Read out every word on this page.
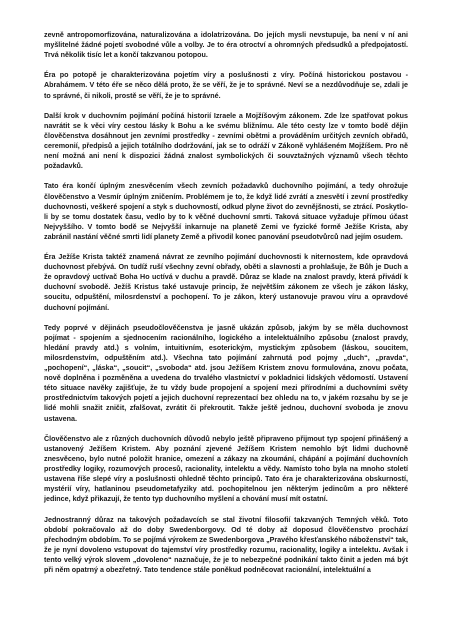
zevně antropomorfizována, naturalizována a idolatrizována. Do jejích mysli nevstupuje, ba není v ní ani myšlitelné žádné pojetí svobodné vůle a volby. Je to éra otroctví a ohromných předsudků a předpojatostí. Trvá několik tisíc let a končí takzvanou potopou.

Éra po potopě je charakterizována pojetím víry a poslušnosti z víry. Počíná historickou postavou - Abrahámem. V této éře se něco dělá proto, že se věří, že je to správné. Neví se a nezdůvodňuje se, zdali je to správné, či nikoli, prostě se věří, že je to správné.

Další krok v duchovním pojímání počíná historií Izraele a Mojžíšovým zákonem. Zde lze spatřovat pokus navrátit se k věci víry cestou lásky k Bohu a ke svému bližnímu. Ale této cesty lze v tomto bodě dějin člověčenstva dosáhnout jen zevními prostředky - zevními obětmi a prováděním určitých zevních obřadů, ceremonií, předpisů a jejich totálního dodržování, jak se to odráží v Zákoně vyhlášeném Mojžíšem. Pro ně není možná ani není k dispozici žádná znalost symbolických či souvztažných významů všech těchto požadavků.

Tato éra končí úplným znesvěcením všech zevních požadavků duchovního pojímání, a tedy ohrožuje člověčenstvo a Vesmír úplným zničením. Problémem je to, že když lidé zvrátí a znesvětí i zevní prostředky duchovnosti, veškeré spojení a styk s duchovností, odkud plyne život do zevnějšnosti, se ztrácí. Poskytlo-li by se tomu dostatek času, vedlo by to k věčné duchovní smrti. Taková situace vyžaduje přímou účast Nejvyššího. V tomto bodě se Nejvyšší inkarnuje na planetě Zemi ve fyzické formě Ježíše Krista, aby zabránil nastání věčné smrti lidí planety Země a přivodil konec panování pseudotvůrců nad jejím osudem.

Éra Ježíše Krista taktéž znamená návrat ze zevního pojímání duchovnosti k niternostem, kde opravdová duchovnost přebývá. On tudíž ruší všechny zevní obřady, oběti a slavnosti a prohlašuje, že Bůh je Duch a že opravdový uctívač Boha Ho uctívá v duchu a pravdě. Důraz se klade na znalost pravdy, která přivádí k duchovní svobodě. Ježíš Kristus také ustavuje princip, že největším zákonem ze všech je zákon lásky, soucitu, odpuštění, milosrdenství a pochopení. To je zákon, který ustanovuje pravou víru a opravdové duchovní pojímání.

Tedy poprvé v dějinách pseudočlověčenstva je jasně ukázán způsob, jakým by se měla duchovnost pojímat - spojením a sjednocením racionálního, logického a intelektuálního způsobu (znalost pravdy, hledání pravdy atd.) s volním, intuitivním, esoterickým, mystickým způsobem (láskou, soucitem, milosrdenstvím, odpuštěním atd.). Všechna tato pojímání zahrnutá pod pojmy „duch“, „pravda“, „pochopení“, „láska“, „soucit“, „svoboda“ atd. jsou Ježíšem Kristem znovu formulována, znovu počata, nově doplněna i pozměněna a uvedena do trvalého vlastnictví v pokladnici lidských vědomostí. Ustavení této situace navěky zajišťuje, že tu vždy bude propojení a spojení mezi přírodními a duchovními světy prostřednictvím takových pojetí a jejich duchovní reprezentací bez ohledu na to, v jakém rozsahu by se je lidé mohli snažit zničit, zfalšovat, zvrátit či překroutit. Takže ještě jednou, duchovní svoboda je znovu ustavena.

Člověčenstvo ale z různých duchovních důvodů nebylo ještě připraveno přijmout typ spojení přinášený a ustanovený Ježíšem Kristem. Aby poznání zjevené Ježíšem Kristem nemohlo být lidmi duchovně znesvěceno, bylo nutné položit hranice, omezení a zákazy na zkoumání, chápání a pojímání duchovních prostředky logiky, rozumových procesů, racionality, intelektu a vědy. Namísto toho byla na mnoho století ustavena říše slepé víry a poslušnosti ohledně těchto principů. Tato éra je charakterizována obskurností, mystérií víry, hatlaninou pseudometafyziky atd. pochopitelnou jen některým jedincům a pro některé jedince, když přikazují, že tento typ duchovního myšlení a chování musí mít ostatní.

Jednostranný důraz na takových požadavcích se stal životní filosofií takzvaných Temných věků. Toto období pokračovalo až do doby Swedenborgovy. Od té doby až doposud člověčenstvo prochází přechodným obdobím. To se pojímá výrokem ze Swedenborgova „Pravého křesťanského náboženství“ tak, že je nyní dovoleno vstupovat do tajemství víry prostředky rozumu, racionality, logiky a intelektu. Avšak i tento velký výrok slovem „dovoleno“ naznačuje, že je to nebezpečné podnikání takto činit a jeden má být při něm opatrný a obezřetný. Tato tendence stále poněkud podněcovat racionální, intelektuální a
